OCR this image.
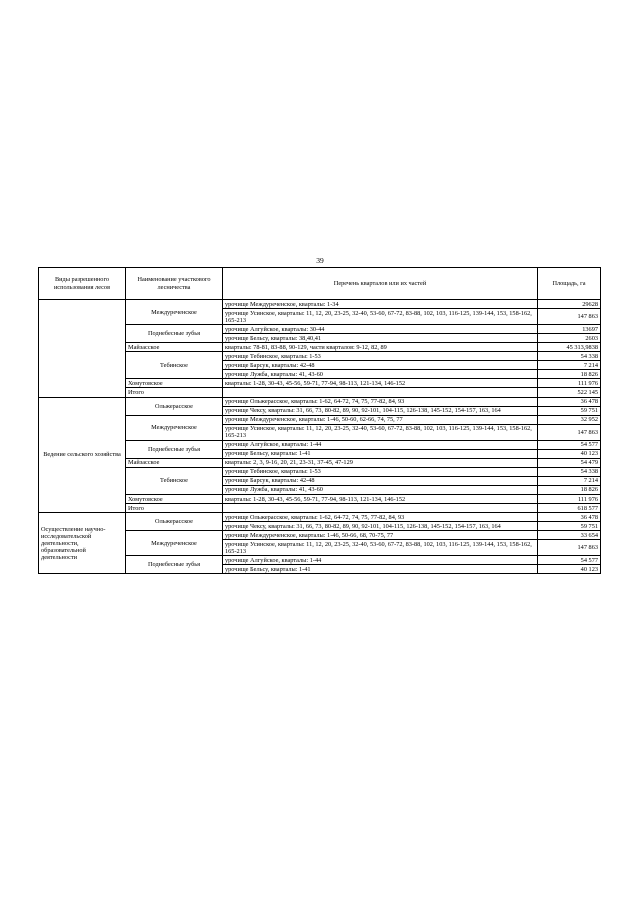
39
Виды разрешенного использования лесов	Наименование участкового лесничества	Перечень кварталов или их частей	Площадь, га
	Междуреченское	урочище Междуреченское, кварталы: 1-34	29628
		урочище Усинское, кварталы: 11, 12, 20, 23-25, 32-40, 53-60, 67-72, 83-88, 102, 103, 116-125, 139-144, 153, 158-162, 165-213	147 863
	Поднебесные зубья	урочище Алгуйское, кварталы: 30-44	13697
		урочище Бельсу, кварталы: 38,40,41	2603
	Майзасское	кварталы: 78-81, 83-88, 90-129, части кварталов: 9-12, 82, 89	45 313,9838
	Тебинское	урочище Тебинское, кварталы: 1-53	54 338
		урочище Барсук, кварталы: 42-48	7 214
		урочище Лужба, кварталы: 41, 43-60	18 826
	Хомутовское	кварталы: 1-28, 30-43, 45-56, 59-71, 77-94, 98-113, 121-134, 146-152	111 976
	Итого		522 145
Ведение сельского хозяйства	Ольжерасское	урочище Ольжерасское, кварталы: 1-62, 64-72, 74, 75, 77-82, 84, 93	36 478
		урочище Чексу, кварталы: 31, 66, 73, 80-82, 89, 90, 92-101, 104-115, 126-138, 145-152, 154-157, 163, 164	59 751
	Междуреченское	урочище Междуреченское, кварталы: 1-46, 50-60, 62-66, 74, 75, 77	32 952
		урочище Усинское, кварталы: 11, 12, 20, 23-25, 32-40, 53-60, 67-72, 83-88, 102, 103, 116-125, 139-144, 153, 158-162, 165-213	147 863
	Поднебесные зубья	урочище Алгуйское, кварталы: 1-44	54 577
		урочище Бельсу, кварталы: 1-41	40 123
	Майзасское	кварталы: 2, 3, 9-16, 20, 21, 23-31, 37-45, 47-129	54 479
	Тебинское	урочище Тебинское, кварталы: 1-53	54 338
		урочище Барсук, кварталы: 42-48	7 214
		урочище Лужба, кварталы: 41, 43-60	18 826
	Хомутовское	кварталы: 1-28, 30-43, 45-56, 59-71, 77-94, 98-113, 121-134, 146-152	111 976
	Итого		618 577
Осуществление научно-исследовательской деятельности, образовательной деятельности	Ольжерасское	урочище Ольжерасское, кварталы: 1-62, 64-72, 74, 75, 77-82, 84, 93	36 478
		урочище Чексу, кварталы: 31, 66, 73, 80-82, 89, 90, 92-101, 104-115, 126-138, 145-152, 154-157, 163, 164	59 751
	Междуреченское	урочище Междуреченское, кварталы: 1-46, 50-66, 68, 70-75, 77	33 654
		урочище Усинское, кварталы: 11, 12, 20, 23-25, 32-40, 53-60, 67-72, 83-88, 102, 103, 116-125, 139-144, 153, 158-162, 165-213	147 863
	Поднебесные зубья	урочище Алгуйское, кварталы: 1-44	54 577
		урочище Бельсу, кварталы: 1-41	40 123
